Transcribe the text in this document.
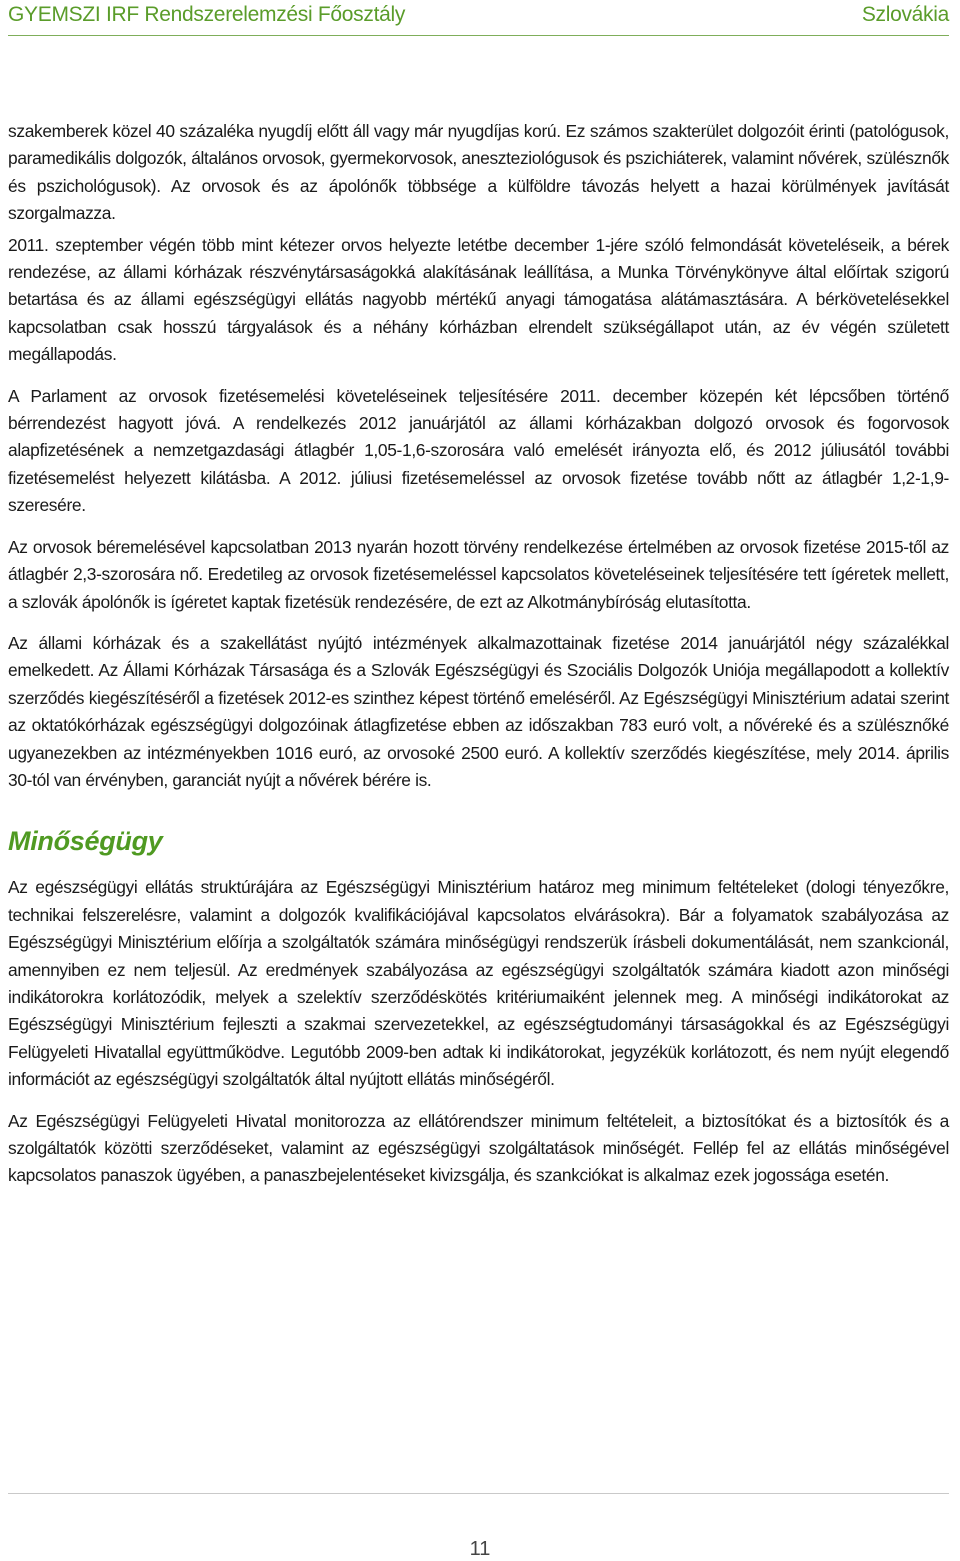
GYEMSZI IRF Rendszerelemzési Főosztály	Szlovákia

szakemberek közel 40 százaléka nyugdíj előtt áll vagy már nyugdíjas korú. Ez számos szakterület dolgozóit érinti (patológusok, paramedikális dolgozók, általános orvosok, gyermekorvosok, aneszteziológusok és pszichiáterek, valamint nővérek, szülésznők és pszichológusok). Az orvosok és az ápolónők többsége a külföldre távozás helyett a hazai körülmények javítását szorgalmazza.

2011. szeptember végén több mint kétezer orvos helyezte letétbe december 1-jére szóló felmondását követeléseik, a bérek rendezése, az állami kórházak részvénytársaságokká alakításának leállítása, a Munka Törvénykönyve által előírtak szigorú betartása és az állami egészségügyi ellátás nagyobb mértékű anyagi támogatása alátámasztására. A bérkövetelésekkel kapcsolatban csak hosszú tárgyalások és a néhány kórházban elrendelt szükségállapot után, az év végén született megállapodás.

A Parlament az orvosok fizetésemelési követeléseinek teljesítésére 2011. december közepén két lépcsőben történő bérrendezést hagyott jóvá. A rendelkezés 2012 januárjától az állami kórházakban dolgozó orvosok és fogorvosok alapfizetésének a nemzetgazdasági átlagbér 1,05-1,6-szorosára való emelését irányozta elő, és 2012 júliusától további fizetésemelést helyezett kilátásba. A 2012. júliusi fizetésemeléssel az orvosok fizetése tovább nőtt az átlagbér 1,2-1,9-szeresére.

Az orvosok béremelésével kapcsolatban 2013 nyarán hozott törvény rendelkezése értelmében az orvosok fizetése 2015-től az átlagbér 2,3-szorosára nő. Eredetileg az orvosok fizetésemeléssel kapcsolatos követeléseinek teljesítésére tett ígéretek mellett, a szlovák ápolónők is ígéretet kaptak fizetésük rendezésére, de ezt az Alkotmánybíróság elutasította.

Az állami kórházak és a szakellátást nyújtó intézmények alkalmazottainak fizetése 2014 januárjától négy százalékkal emelkedett. Az Állami Kórházak Társasága és a Szlovák Egészségügyi és Szociális Dolgozók Uniója megállapodott a kollektív szerződés kiegészítéséről a fizetések 2012-es szinthez képest történő emeléséről. Az Egészségügyi Minisztérium adatai szerint az oktatókórházak egészségügyi dolgozóinak átlagfizetése ebben az időszakban 783 euró volt, a nővéreké és a szülésznőké ugyanezekben az intézményekben 1016 euró, az orvosoké 2500 euró. A kollektív szerződés kiegészítése, mely 2014. április 30-tól van érvényben, garanciát nyújt a nővérek bérére is.

Minőségügy

Az egészségügyi ellátás struktúrájára az Egészségügyi Minisztérium határoz meg minimum feltételeket (dologi tényezőkre, technikai felszerelésre, valamint a dolgozók kvalifikációjával kapcsolatos elvárásokra). Bár a folyamatok szabályozása az Egészségügyi Minisztérium előírja a szolgáltatók számára minőségügyi rendszerük írásbeli dokumentálását, nem szankcionál, amennyiben ez nem teljesül. Az eredmények szabályozása az egészségügyi szolgáltatók számára kiadott azon minőségi indikátorokra korlátozódik, melyek a szelektív szerződéskötés kritériumaiként jelennek meg. A minőségi indikátorokat az Egészségügyi Minisztérium fejleszti a szakmai szervezetekkel, az egészségtudományi társaságokkal és az Egészségügyi Felügyeleti Hivatallal együttműködve. Legutóbb 2009-ben adtak ki indikátorokat, jegyzékük korlátozott, és nem nyújt elegendő információt az egészségügyi szolgáltatók által nyújtott ellátás minőségéről.

Az Egészségügyi Felügyeleti Hivatal monitorozza az ellátórendszer minimum feltételeit, a biztosítókat és a biztosítók és a szolgáltatók közötti szerződéseket, valamint az egészségügyi szolgáltatások minőségét. Fellép fel az ellátás minőségével kapcsolatos panaszok ügyében, a panaszbejelentéseket kivizsgálja, és szankciókat is alkalmaz ezek jogossága esetén.

11
